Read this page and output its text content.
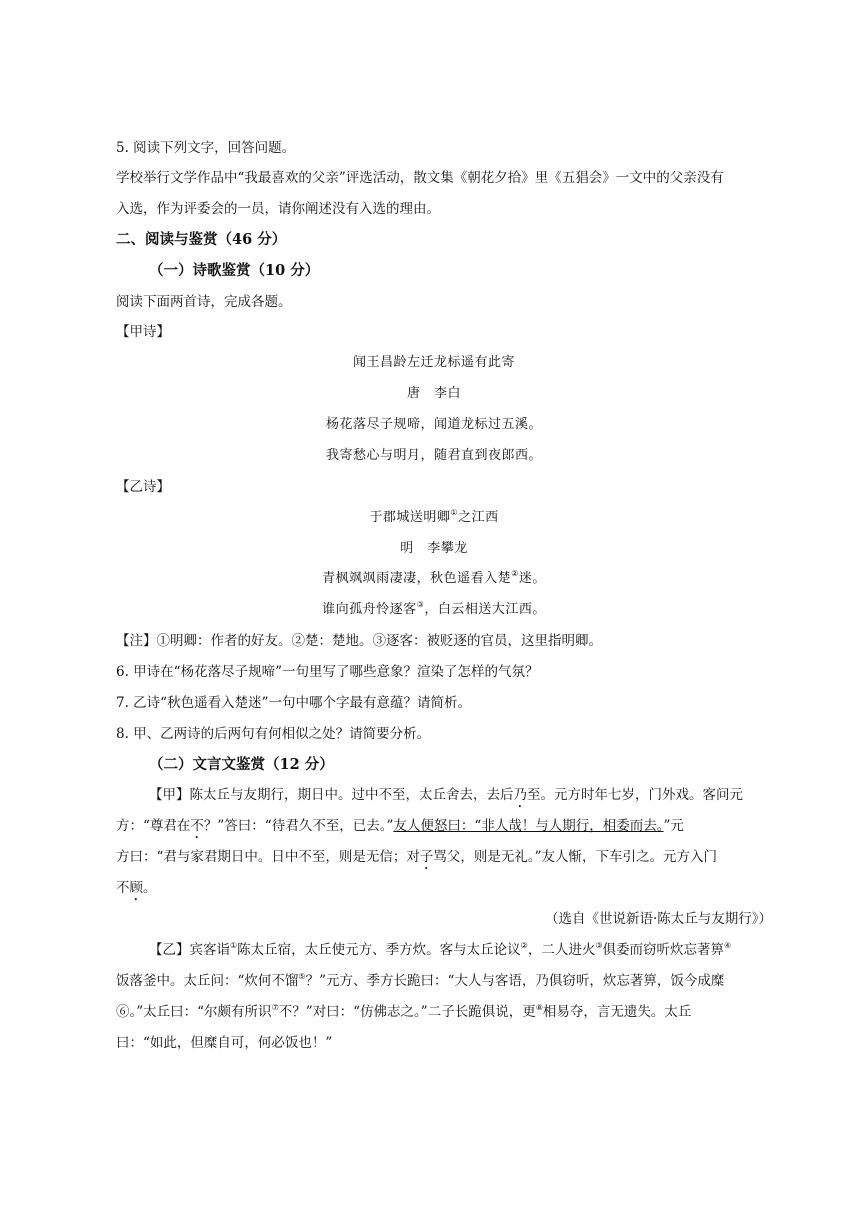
5. 阅读下列文字，回答问题。
学校举行文学作品中“我最喜欢的父亲”评选活动，散文集《朝花夕拾》里《五猖会》一文中的父亲没有
入选，作为评委会的一员，请你阐述没有入选的理由。
二、阅读与鉴赏（46 分）
（一）诗歌鉴赏（10 分）
阅读下面两首诗，完成各题。
【甲诗】
闻王昌龄左迁龙标遥有此寄
唐　李白
杨花落尽子规啼，闻道龙标过五溪。
我寄愁心与明月，随君直到夜郎西。
【乙诗】
于郡城送明卿①之江西
明　李攀龙
青枫飒飒雨凄凄，秋色遥看入楚②迷。
谁向孤舟怜逐客③，白云相送大江西。
【注】①明卿：作者的好友。②楚：楚地。③逐客：被贬逐的官员，这里指明卿。
6. 甲诗在“杨花落尽子规啼”一句里写了哪些意象？渲染了怎样的气氛？
7. 乙诗“秋色遥看入楚迷”一句中哪个字最有意蕴？请简析。
8. 甲、乙两诗的后两句有何相似之处？请简要分析。
（二）文言文鉴赏（12 分）
【甲】陈太丘与友期行，期日中。过中不至，太丘舍去，去后乃至。元方时年七岁，门外戏。客问元
方：“尊君在不？”答曰：“待君久不至，已去。”友人便怒曰：“非人哉！与人期行，相委而去。”元
方曰：“君与家君期日中。日中不至，则是无信；对子骂父，则是无礼。”友人惭，下车引之。元方入门
不顾。
（选自《世说新语·陈太丘与友期行》）
【乙】宾客诣①陈太丘宿，太丘使元方、季方炊。客与太丘论议②，二人进火③俱委而窃听炊忘著箅④
饭落釜中。太丘问：“炊何不馏⑤？”元方、季方长跪曰：“大人与客语，乃俱窃听，炊忘著箅，饭今成糜
⑥。”太丘曰：“尔颇有所识⑦不？”对曰：“仿佛志之。”二子长跪俱说，更⑧相易夺，言无遗失。太丘
曰：“如此，但糜自可，何必饭也！”
